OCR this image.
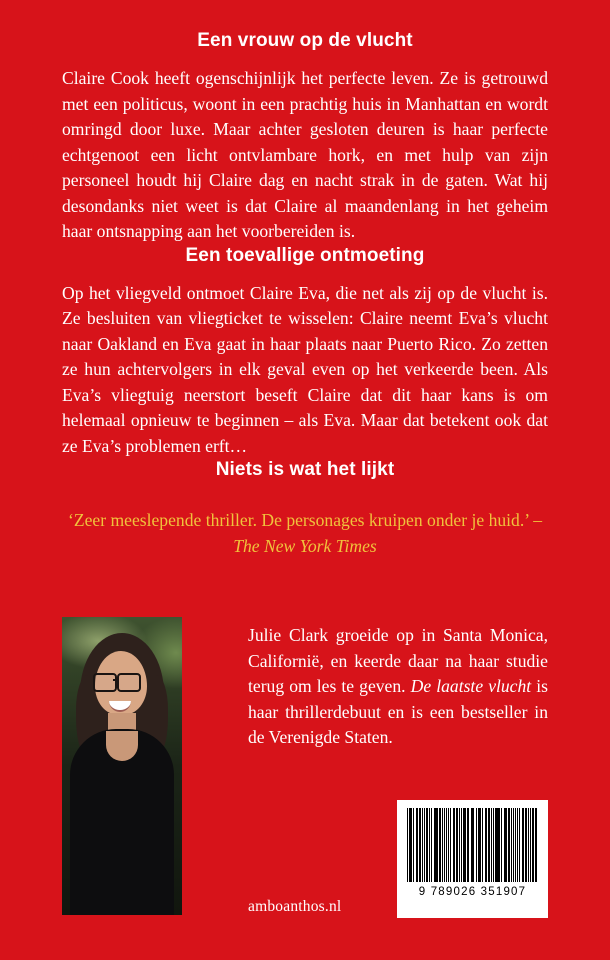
Een vrouw op de vlucht

Claire Cook heeft ogenschijnlijk het perfecte leven. Ze is getrouwd met een politicus, woont in een prachtig huis in Manhattan en wordt omringd door luxe. Maar achter gesloten deuren is haar perfecte echtgenoot een licht ontvlambare hork, en met hulp van zijn personeel houdt hij Claire dag en nacht strak in de gaten. Wat hij desondanks niet weet is dat Claire al maandenlang in het geheim haar ontsnapping aan het voorbereiden is.

Een toevallige ontmoeting

Op het vliegveld ontmoet Claire Eva, die net als zij op de vlucht is. Ze besluiten van vliegticket te wisselen: Claire neemt Eva’s vlucht naar Oakland en Eva gaat in haar plaats naar Puerto Rico. Zo zetten ze hun achtervolgers in elk geval even op het verkeerde been. Als Eva’s vliegtuig neerstort beseft Claire dat dit haar kans is om helemaal opnieuw te beginnen – als Eva. Maar dat betekent ook dat ze Eva’s problemen erft…

Niets is wat het lijkt
‘Zeer meeslepende thriller. De personages kruipen onder je huid.’ – The New York Times
Julie Clark groeide op in Santa Monica, Californië, en keerde daar na haar studie terug om les te geven. De laatste vlucht is haar thrillerdebuut en is een bestseller in de Verenigde Staten.
amboanthos.nl
9 789026 351907
